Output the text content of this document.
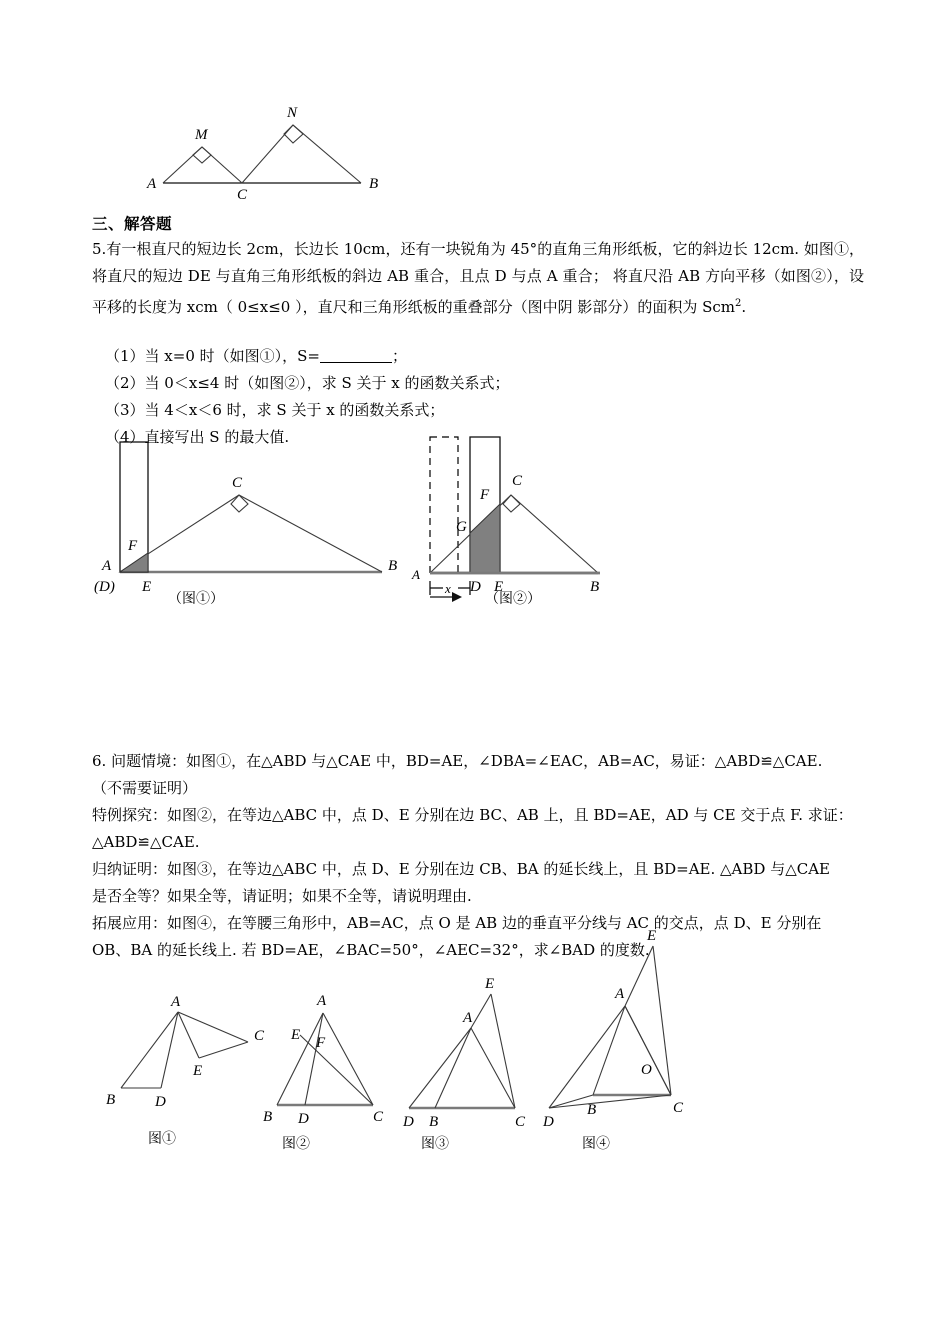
A
C
B
M
N
三、解答题
5.有一根直尺的短边长 2cm，长边长 10cm，还有一块锐角为 45°的直角三角形纸板，它的斜边长 12cm. 如图①，将直尺的短边 DE 与直角三角形纸板的斜边 AB 重合，且点 D 与点 A 重合； 将直尺沿 AB 方向平移（如图②），设平移的长度为 xcm（ 0≤x≤0 ），直尺和三角形纸板的重叠部分（图中阴 影部分）的面积为 Scm$^2$.
（1）当 x=0 时（如图①），S=	；
（2）当 0＜x≤4 时（如图②），求 S 关于 x 的函数关系式；
（3）当 4＜x＜6 时，求 S 关于 x 的函数关系式；
（4）直接写出 S 的最大值.
A
(D)
F
E
C
B
（图①）
A
x D E	B
G
F
C
（图②）

6. 问题情境：如图①，在△ABD 与△CAE 中，BD=AE，∠DBA=∠EAC，AB=AC，易证：△ABD≌△CAE.

（不需要证明）

特例探究：如图②，在等边△ABC 中，点 D、E 分别在边 BC、AB 上，且 BD=AE，AD 与 CE 交于点 F. 求证：

△ABD≌△CAE.

归纳证明：如图③，在等边△ABC 中，点 D、E 分别在边 CB、BA 的延长线上，且 BD=AE. △ABD 与△CAE

是否全等？如果全等，请证明；如果不全等，请说明理由.

拓展应用：如图④，在等腰三角形中，AB=AC，点 O 是 AB 边的垂直平分线与 AC 的交点，点 D、E 分别在

OB、BA 的延长线上. 若 BD=AE，∠BAC=50°，∠AEC=32°，求∠BAD 的度数.

A
B	D
E
C
图①
A
E F
B D	C
图②
E
A
D B	C
图③
E
A
O
D
B	C
图④
